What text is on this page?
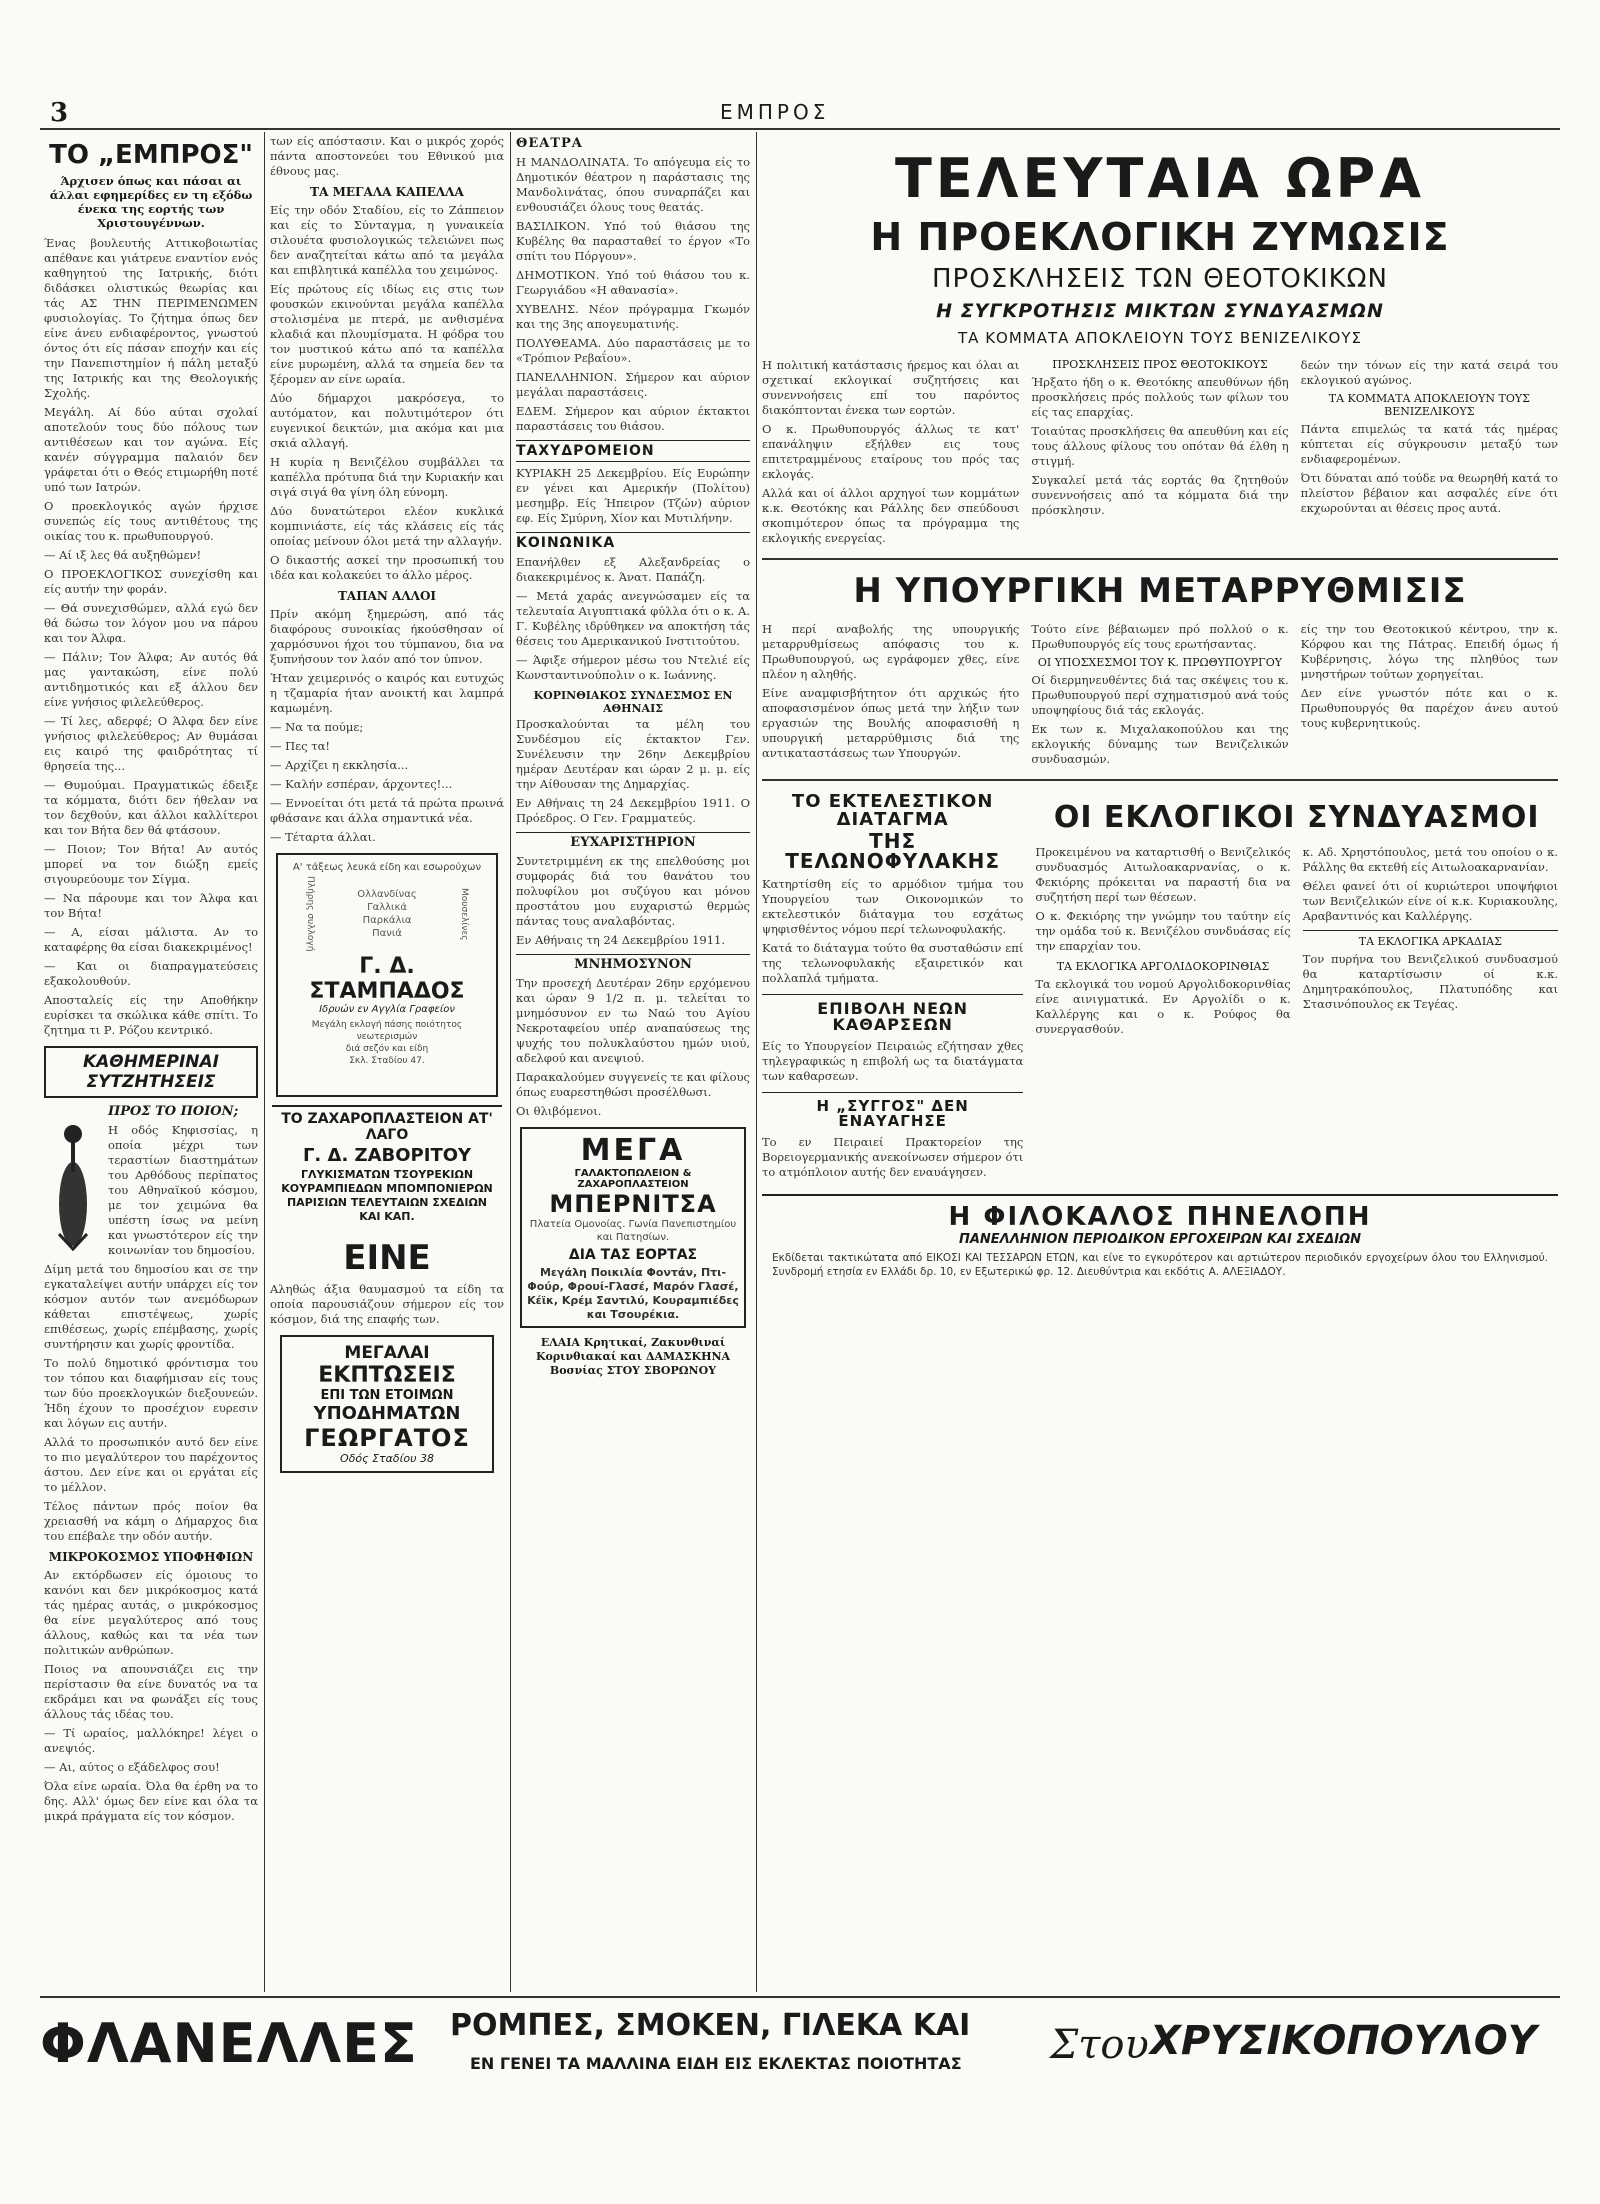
3	ΕΜΠΡΟΣ
ΤΟ „ΕΜΠΡΟΣ"
Άρχισεν όπως και πάσαι αι άλλαι εφημερίδες εν τη εξόδω ένεκα της εορτής των Χριστουγέννων.

Ένας βουλευτής Αττικοβοιωτίας απέθανε και γιάτρευε εναντίον ενός καθηγητού της Ιατρικής, διότι διδάσκει ολιστικώς θεωρίας και τάς ΑΣ ΤΗΝ ΠΕΡΙΜΕΝΩΜΕΝ φυσιολογίας. Το ζήτημα όπως δεν είνε άνευ ενδιαφέροντος, γνωστού όντος ότι είς πάσαν εποχήν και είς την Πανεπιστημίον ή πάλη μεταξύ της Ιατρικής και της Θεολογικής Σχολής.

Μεγάλη. Αί δύο αύται σχολαί αποτελούν τους δύο πόλους των αντιθέσεων και τον αγώνα. Είς κανέν σύγγραμμα παλαιόν δεν γράφεται ότι ο Θεός ετιμωρήθη ποτέ υπό των Ιατρών.

Ο προεκλογικός αγών ήρχισε συνεπώς είς τους αντιθέτους της οικίας του κ. πρωθυπουργού.

— Αί ιξ λες θά αυξηθώμεν!

Ο ΠΡΟΕΚΛΟΓΙΚΟΣ συνεχίσθη και είς αυτήν την φοράν.

— Θά συνεχισθώμεν, αλλά εγώ δεν θά δώσω τον λόγον μου να πάρου και τον Άλφα.

— Πάλιν; Τον Άλφα; Αν αυτός θά μας γαντακώση, είνε πολύ αντιδημοτικός και εξ άλλου δεν είνε γνήσιος φιλελεύθερος.

— Τί λες, αδερφέ; Ο Άλφα δεν είνε γνήσιος φιλελεύθερος; Αν θυμάσαι εις καιρό της φαιδρότητας τί θρησεία της...

— Θυμούμαι. Πραγματικώς έδειξε τα κόμματα, διότι δεν ήθελαν να τον δεχθούν, και άλλοι καλλίτεροι και τον Βήτα δεν θά φτάσουν.

— Ποιον; Τον Βήτα! Αν αυτός μπορεί να τον διώξη εμείς σιγουρεύουμε τον Σίγμα.

— Να πάρουμε και τον Άλφα και τον Βήτα!

— Α, είσαι μάλιστα. Αν το καταφέρης θα είσαι διακεκριμένος!

— Και οι διαπραγματεύσεις εξακολουθούν.

Αποσταλείς είς την Αποθήκην ευρίσκει τα σκώλικα κάθε σπίτι. Το ζητημα τι Ρ. Ρόζου κεντρικό.

ΚΑΘΗΜΕΡΙΝΑΙ ΣΥΤΖΗΤΗΣΕΙΣ
ΠΡΟΣ ΤΟ ΠΟΙΟΝ;

Η οδός Κηφισσίας, η οποία μέχρι των τεραστίων διαστημάτων του Αρθόδους περίπατος του Αθηναϊκού κόσμου, με τον χειμώνα θα υπέστη ίσως να μείνη και γνωστότερον είς την κοινωνίαν του δημοσίου.

Δίμη μετά του δημοσίου και σε την εγκαταλείψει αυτήν υπάρχει είς τον κόσμον αυτόν των ανεμόδωρων κάθεται επιστέψεως, χωρίς επιθέσεως, χωρίς επέμβασης, χωρίς συντήρησιν και χωρίς φροντίδα.

Το πολύ δημοτικό φρόντισμα του τον τόπου και διαφήμισαν είς τους των δύο προεκλογικών διεξουνεών. Ήδη έχουν το προσέχιον ευρεσιν και λόγων εις αυτήν.

Αλλά το προσωπικόν αυτό δεν είνε το πιο μεγαλύτερον του παρέχοντος άστου. Δεν είνε και οι εργάται είς το μέλλον.

Τέλος πάντων πρός ποίον θα χρειασθή να κάμη ο Δήμαρχος δια του επέβαλε την οδόν αυτήν.

ΜΙΚΡΟΚΟΣΜΟΣ ΥΠΟΦΗΦΙΩΝ

Αν εκτόρδωσεν είς όμοιους το κανόνι και δεν μικρόκοσμος κατά τάς ημέρας αυτάς, ο μικρόκοσμος θα είνε μεγαλύτερος από τους άλλους, καθώς και τα νέα των πολιτικών ανθρώπων.

Ποιος να απουνσιάζει εις την περίστασιν θα είνε δυνατός να τα εκδράμει και να φωνάξει είς τους άλλους τάς ιδέας του.

— Τί ωραίος, μαλλόκηρε! λέγει ο ανεψιός.

— Αι, αύτος ο εξάδελφος σου!

Όλα είνε ωραία. Όλα θα έρθη να το δης. Αλλ' όμως δεν είνε και όλα τα μικρά πράγματα είς τον κόσμον.

των είς απόστασιν. Και ο μικρός χορός πάντα αποστονεύει του Εθνικού μια έθνους μας.

ΤΑ ΜΕΓΑΛΑ ΚΑΠΕΛΛΑ

Είς την οδόν Σταδίου, είς το Ζάππειον και είς το Σύνταγμα, η γυναικεία σιλουέτα φυσιολογικώς τελειώνει πως δεν αναζητείται κάτω από τα μεγάλα και επιβλητικά καπέλλα του χειμώνος.

Είς πρώτους είς ιδίως εις στις των φουσκών εκινούνται μεγάλα καπέλλα στολισμένα με πτερά, με ανθισμένα κλαδιά και πλουμίσματα. Η φόδρα του τον μυστικού κάτω από τα καπέλλα είνε μυρωμένη, αλλά τα σημεία δεν τα ξέρομεν αν είνε ωραία.

Δύο δήμαρχοι μακρόσεγα, το αυτόματον, και πολυτιμότερον ότι ευγενικοί δεικτών, μια ακόμα και μια σκιά αλλαγή.

Η κυρία η Βενιζέλου συμβάλλει τα καπέλλα πρότυπα διά την Κυριακήν και σιγά σιγά θα γίνη όλη εύνομη.

Δύο δυνατώτεροι ελέον κυκλικά κομπινιάστε, είς τάς κλάσεις είς τάς οποίας μείνουν όλοι μετά την αλλαγήν.

Ο δικαστής ασκεί την προσωπική του ιδέα και κολακεύει το άλλο μέρος.

ΤΑΠΑΝ ΑΛΛΟΙ

Πρίν ακόμη ξημερώση, από τάς διαφόρους συνοικίας ήκούσθησαν οί χαρμόσυνοι ήχοι του τύμπανου, δια να ξυπνήσουν τον λαόν από τον ύπνον.

Ήταν χειμερινός ο καιρός και ευτυχώς η τζαμαρία ήταν ανοικτή και λαμπρά καμωμένη.

— Να τα πούμε;

— Πες τα!

— Αρχίζει η εκκλησία...

— Καλήν εσπέραν, άρχοντες!...

— Εννοείται ότι μετά τά πρώτα πρωινά φθάσανε και άλλα σημαντικά νέα.

— Τέταρτα άλλαι.

Α' τάξεως λευκά είδη και εσωρούχων
Πλήρης συλλογή	Ολλανδίνας
Γαλλικά
Παρκάλια
Πανιά	Μουσελίνες
Γ. Δ. ΣΤΑΜΠΑΔΟΣ
Ιδρυών εν Αγγλία Γραφείον
Μεγάλη εκλογή πάσης ποιότητος
νεωτερισμών
διά σεζόν και είδη
Σκλ. Σταδίου 47.
ΤΟ ΖΑΧΑΡΟΠΛΑΣΤΕΙΟΝ ΑΤ' ΛΑΓΟ
Γ. Δ. ΖΑΒΟΡΙΤΟΥ
ΓΛΥΚΙΣΜΑΤΩΝ ΤΣΟΥΡΕΚΙΩΝ ΚΟΥΡΑΜΠΙΕΔΩΝ ΜΠΟΜΠΟΝΙΕΡΩΝ ΠΑΡΙΣΙΩΝ ΤΕΛΕΥΤΑΙΩΝ ΣΧΕΔΙΩΝ ΚΑΙ ΚΑΠ.
ΕΙΝΕ

Αληθώς άξια θαυμασμού τα είδη τα οποία παρουσιάζουν σήμερον είς τον κόσμον, διά της επαφής των.

ΜΕΓΑΛΑΙ
ΕΚΠΤΩΣΕΙΣ
ΕΠΙ ΤΩΝ ΕΤΟΙΜΩΝ
ΥΠΟΔΗΜΑΤΩΝ
ΓΕΩΡΓΑΤΟΣ
Οδός Σταδίου 38
ΘΕΑΤΡΑ

Η ΜΑΝΔΟΛΙΝΑΤΑ. Το απόγευμα είς το Δημοτικόν θέατρον η παράστασις της Μανδολινάτας, όπου συναρπάζει και ενθουσιάζει όλους τους θεατάς.

ΒΑΣΙΛΙΚΟΝ. Υπό τού θιάσου της Κυβέλης θα παρασταθεί το έργον «Το σπίτι του Πόργουν».

ΔΗΜΟΤΙΚΟΝ. Υπό τού θιάσου του κ. Γεωργιάδου «Η αθανασία».

ΧΥΒΕΛΗΣ. Νέον πρόγραμμα Γκωμόν και της 3ης απογευματινής.

ΠΟΛΥΘΕΑΜΑ. Δύο παραστάσεις με το «Τρόπιον Ρεβαΐου».

ΠΑΝΕΛΛΗΝΙΟΝ. Σήμερον και αύριον μεγάλαι παραστάσεις.

ΕΔΕΜ. Σήμερον και αύριον έκτακτοι παραστάσεις του θιάσου.

ΤΑΧΥΔΡΟΜΕΙΟΝ

ΚΥΡΙΑΚΗ 25 Δεκεμβρίου. Είς Ευρώπην εν γένει και Αμερικήν (Πολίτου) μεσημβρ. Είς Ήπειρον (Τζών) αύριον εφ. Είς Σμύρνη, Χίον και Μυτιλήνην.

ΚΟΙΝΩΝΙΚΑ

Επανήλθεν εξ Αλεξανδρείας ο διακεκριμένος κ. Άνατ. Παπάζη.

— Μετά χαράς ανεγνώσαμεν είς τα τελευταία Αιγυπτιακά φύλλα ότι ο κ. Α. Γ. Κυβέλης ιδρύθηκεν να αποκτήση τάς θέσεις του Αμερικανικού Ινστιτούτου.

— Άφιξε σήμερον μέσω του Ντελιέ είς Κωνσταντινούπολιν ο κ. Ιωάννης.

ΚΟΡΙΝΘΙΑΚΟΣ ΣΥΝΔΕΣΜΟΣ ΕΝ ΑΘΗΝΑΙΣ

Προσκαλούνται τα μέλη του Συνδέσμου είς έκτακτον Γεν. Συνέλευσιν την 26ην Δεκεμβρίου ημέραν Δευτέραν και ώραν 2 μ. μ. είς την Αίθουσαν της Δημαρχίας.

Εν Αθήναις τη 24 Δεκεμβρίου 1911. Ο Πρόεδρος. Ο Γεν. Γραμματεύς.

ΕΥΧΑΡΙΣΤΗΡΙΟΝ

Συντετριμμένη εκ της επελθούσης μοι συμφοράς διά του θανάτου του πολυφίλου μοι συζύγου και μόνου προστάτου μου ευχαριστώ θερμώς πάντας τους αναλαβόντας.

Εν Αθήναις τη 24 Δεκεμβρίου 1911.

ΜΝΗΜΟΣΥΝΟΝ

Την προσεχή Δευτέραν 26ην ερχόμενου και ώραν 9 1/2 π. μ. τελείται το μνημόσυνον εν τω Ναώ του Αγίου Νεκροταφείου υπέρ αναπαύσεως της ψυχής του πολυκλαύστου ημών υιού, αδελφού και ανεψιού.

Παρακαλούμεν συγγενείς τε και φίλους όπως ευαρεστηθώσι προσέλθωσι.

Οι θλιβόμενοι.

ΜΕΓΑ
ΓΑΛΑΚΤΟΠΩΛΕΙΟΝ & ΖΑΧΑΡΟΠΛΑΣΤΕΙΟΝ
ΜΠΕΡΝΙΤΣΑ
Πλατεία Ομονοίας. Γωνία Πανεπιστημίου και Πατησίων.
ΔΙΑ ΤΑΣ ΕΟΡΤΑΣ
Μεγάλη Ποικιλία Φοντάν, Πτι-Φούρ, Φρουί-Γλασέ, Μαρόν Γλασέ, Κέϊκ, Κρέμ Σαντιλύ, Κουραμπιέδες και Τσουρέκια.
ΕΛΑΙΑ Κρητικαί, Ζακυνθιναί Κορινθιακαί και ΔΑΜΑΣΚΗΝΑ Βοσνίας ΣΤΟΥ ΣΒΟΡΩΝΟΥ
ΤΕΛΕΥΤΑΙΑ ΩΡΑ
Η ΠΡΟΕΚΛΟΓΙΚΗ ΖΥΜΩΣΙΣ
ΠΡΟΣΚΛΗΣΕΙΣ ΤΩΝ ΘΕΟΤΟΚΙΚΩΝ
Η ΣΥΓΚΡΟΤΗΣΙΣ ΜΙΚΤΩΝ ΣΥΝΔΥΑΣΜΩΝ
ΤΑ ΚΟΜΜΑΤΑ ΑΠΟΚΛΕΙΟΥΝ ΤΟΥΣ ΒΕΝΙΖΕΛΙΚΟΥΣ

Η πολιτική κατάστασις ήρεμος και όλαι αι σχετικαί εκλογικαί συζητήσεις και συνεννοήσεις επί του παρόντος διακόπτονται ένεκα των εορτών.

Ο κ. Πρωθυπουργός άλλως τε κατ' επανάληψιν εξήλθεν εις τους επιτετραμμένους εταίρους του πρός τας εκλογάς.

Αλλά και οί άλλοι αρχηγοί των κομμάτων κ.κ. Θεοτόκης και Ράλλης δεν σπεύδουσι σκοπιμότερον όπως τα πρόγραμμα της εκλογικής ενεργείας.

ΠΡΟΣΚΛΗΣΕΙΣ ΠΡΟΣ ΘΕΟΤΟΚΙΚΟΥΣ

Ήρξατο ήδη ο κ. Θεοτόκης απευθύνων ήδη προσκλήσεις πρός πολλούς των φίλων του είς τας επαρχίας.

Τοιαύτας προσκλήσεις θα απευθύνη και είς τους άλλους φίλους του οπόταν θά έλθη η στιγμή.

Συγκαλεί μετά τάς εορτάς θα ζητηθούν συνεννοήσεις από τα κόμματα διά την πρόσκλησιν.

δεών την τόνων είς την κατά σειρά του εκλογικού αγώνος.

ΤΑ ΚΟΜΜΑΤΑ ΑΠΟΚΛΕΙΟΥΝ ΤΟΥΣ ΒΕΝΙΖΕΛΙΚΟΥΣ

Πάντα επιμελώς τα κατά τάς ημέρας κύπτεται είς σύγκρουσιν μεταξύ των ενδιαφερομένων.

Ότι δύναται από τούδε να θεωρηθή κατά το πλείστον βέβαιον και ασφαλές είνε ότι εκχωρούνται αι θέσεις προς αυτά.

Η ΥΠΟΥΡΓΙΚΗ ΜΕΤΑΡΡΥΘΜΙΣΙΣ

Η περί αναβολής της υπουργικής μεταρρυθμίσεως απόφασις του κ. Πρωθυπουργού, ως εγράφομεν χθες, είνε πλέον η αληθής.

Είνε αναμφισβήτητον ότι αρχικώς ήτο αποφασισμένον όπως μετά την λήξιν των εργασιών της Βουλής αποφασισθή η υπουργική μεταρρύθμισις διά της αντικαταστάσεως των Υπουργών.

Τούτο είνε βέβαιωμεν πρό πολλού ο κ. Πρωθυπουργός είς τους ερωτήσαντας.

ΟΙ ΥΠΟΣΧΕΣΜΟΙ ΤΟΥ Κ. ΠΡΩΘΥΠΟΥΡΓΟΥ

Οί διερμηνευθέντες διά τας σκέψεις του κ. Πρωθυπουργού περί σχηματισμού ανά τούς υποψηφίους διά τάς εκλογάς.

Εκ των κ. Μιχαλακοπούλου και της εκλογικής δύναμης των Βενιζελικών συνδυασμών.

είς την του Θεοτοκικού κέντρου, την κ. Κόρφου και της Πάτρας. Επειδή όμως ή Κυβέρνησις, λόγω της πληθύος των μνηστήρων τούτων χορηγείται.

Δεν είνε γνωστόν πότε και ο κ. Πρωθυπουργός θα παρέχον άνευ αυτού τους κυβερνητικούς.

ΤΟ ΕΚΤΕΛΕΣΤΙΚΟΝ ΔΙΑΤΑΓΜΑ
ΤΗΣ ΤΕΛΩΝΟΦΥΛΑΚΗΣ

Κατηρτίσθη είς το αρμόδιον τμήμα του Υπουργείου των Οικονομικών το εκτελεστικόν διάταγμα του εσχάτως ψηφισθέντος νόμου περί τελωνοφυλακής.

Κατά το διάταγμα τούτο θα συσταθώσιν επί της τελωνοφυλακής εξαιρετικόν και πολλαπλά τμήματα.

ΕΠΙΒΟΛΗ ΝΕΩΝ ΚΑΘΑΡΣΕΩΝ

Είς το Υπουργείον Πειραιώς εζήτησαν χθες τηλεγραφικώς η επιβολή ως τα διατάγματα των καθαρσεων.

Η „ΣΥΓΓΟΣ" ΔΕΝ ΕΝΑΥΑΓΗΣΕ

Το εν Πειραιεί Πρακτορείον της Βορειογερμανικής ανεκοίνωσεν σήμερον ότι το ατμόπλοιον αυτής δεν εναυάγησεν.

ΟΙ ΕΚΛΟΓΙΚΟΙ ΣΥΝΔΥΑΣΜΟΙ

Προκειμένου να καταρτισθή ο Βενιζελικός συνδυασμός Αιτωλοακαρνανίας, ο κ. Φεκιόρης πρόκειται να παραστή δια να συζητήση περί των θέσεων.

Ο κ. Φεκιόρης την γνώμην του ταύτην είς την ομάδα τού κ. Βενιζέλου συνδυάσας είς την επαρχίαν του.

ΤΑ ΕΚΛΟΓΙΚΑ ΑΡΓΟΛΙΔΟΚΟΡΙΝΘΙΑΣ

Τα εκλογικά του νομού Αργολιδοκορινθίας είνε αινιγματικά. Εν Αργολίδι ο κ. Καλλέργης και ο κ. Ρούφος θα συνεργασθούν.

κ. Αδ. Χρηστόπουλος, μετά του οποίου ο κ. Ράλλης θα εκτεθή είς Αιτωλοακαρνανίαν.

Θέλει φανεί ότι οί κυριώτεροι υποψήφιοι των Βενιζελικών είνε οί κ.κ. Κυριακουλης, Αραβαντινός και Καλλέργης.

ΤΑ ΕΚΛΟΓΙΚΑ ΑΡΚΑΔΙΑΣ

Τον πυρήνα του Βενιζελικού συνδυασμού θα καταρτίσωσιν οί κ.κ. Δημητρακόπουλος, Πλατυπόδης και Στασινόπουλος εκ Τεγέας.

Η ΦΙΛΟΚΑΛΟΣ ΠΗΝΕΛΟΠΗ
ΠΑΝΕΛΛΗΝΙΟΝ ΠΕΡΙΟΔΙΚΟΝ ΕΡΓΟΧΕΙΡΩΝ ΚΑΙ ΣΧΕΔΙΩΝ
Εκδίδεται τακτικώτατα από ΕΙΚΟΣΙ ΚΑΙ ΤΕΣΣΑΡΩΝ ΕΤΩΝ, και είνε το εγκυρότερον και αρτιώτερον περιοδικόν εργοχείρων όλου του Ελληνισμού. Συνδρομή ετησία εν Ελλάδι δρ. 10, εν Εξωτερικώ φρ. 12. Διευθύντρια και εκδότις Α. ΑΛΕΞΙΑΔΟΥ.
ΦΛΑΝΕΛΛΕΣ ΡΟΜΠΕΣ, ΣΜΟΚΕΝ, ΓΙΛΕΚΑ ΚΑΙ
ΕΝ ΓΕΝΕΙ ΤΑ ΜΑΛΛΙΝΑ ΕΙΔΗ ΕΙΣ ΕΚΛΕΚΤΑΣ ΠΟΙΟΤΗΤΑΣ Στου ΧΡΥΣΙΚΟΠΟΥΛΟΥ
